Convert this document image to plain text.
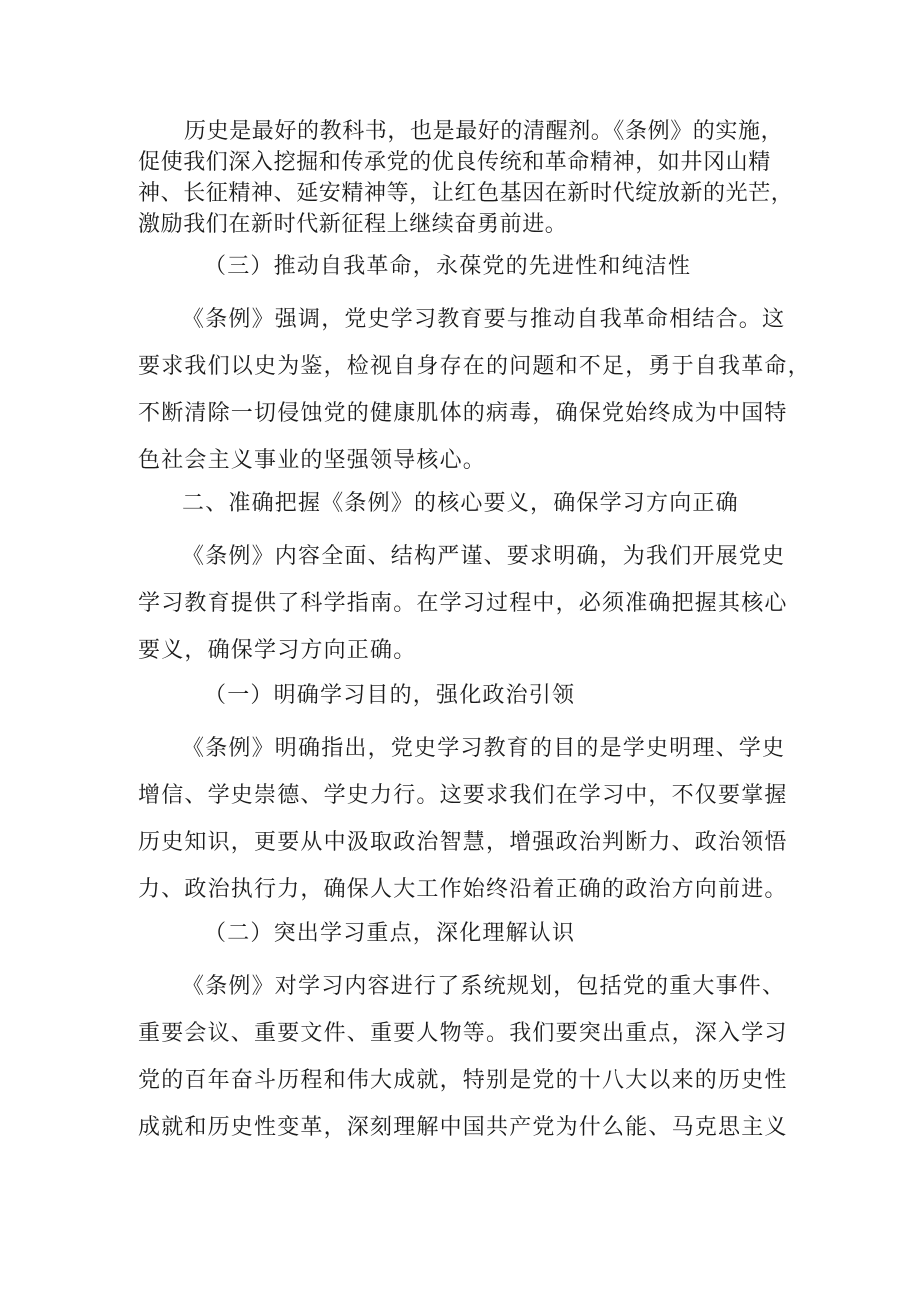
历史是最好的教科书，也是最好的清醒剂。《条例》的实施，
促使我们深入挖掘和传承党的优良传统和革命精神，如井冈山精
神、长征精神、延安精神等，让红色基因在新时代绽放新的光芒，
激励我们在新时代新征程上继续奋勇前进。

（三）推动自我革命，永葆党的先进性和纯洁性

《条例》强调，党史学习教育要与推动自我革命相结合。这
要求我们以史为鉴，检视自身存在的问题和不足，勇于自我革命，
不断清除一切侵蚀党的健康肌体的病毒，确保党始终成为中国特
色社会主义事业的坚强领导核心。

二、准确把握《条例》的核心要义，确保学习方向正确

《条例》内容全面、结构严谨、要求明确，为我们开展党史
学习教育提供了科学指南。在学习过程中，必须准确把握其核心
要义，确保学习方向正确。

（一）明确学习目的，强化政治引领

《条例》明确指出，党史学习教育的目的是学史明理、学史
增信、学史崇德、学史力行。这要求我们在学习中，不仅要掌握
历史知识，更要从中汲取政治智慧，增强政治判断力、政治领悟
力、政治执行力，确保人大工作始终沿着正确的政治方向前进。

（二）突出学习重点，深化理解认识

《条例》对学习内容进行了系统规划，包括党的重大事件、
重要会议、重要文件、重要人物等。我们要突出重点，深入学习
党的百年奋斗历程和伟大成就，特别是党的十八大以来的历史性
成就和历史性变革，深刻理解中国共产党为什么能、马克思主义
